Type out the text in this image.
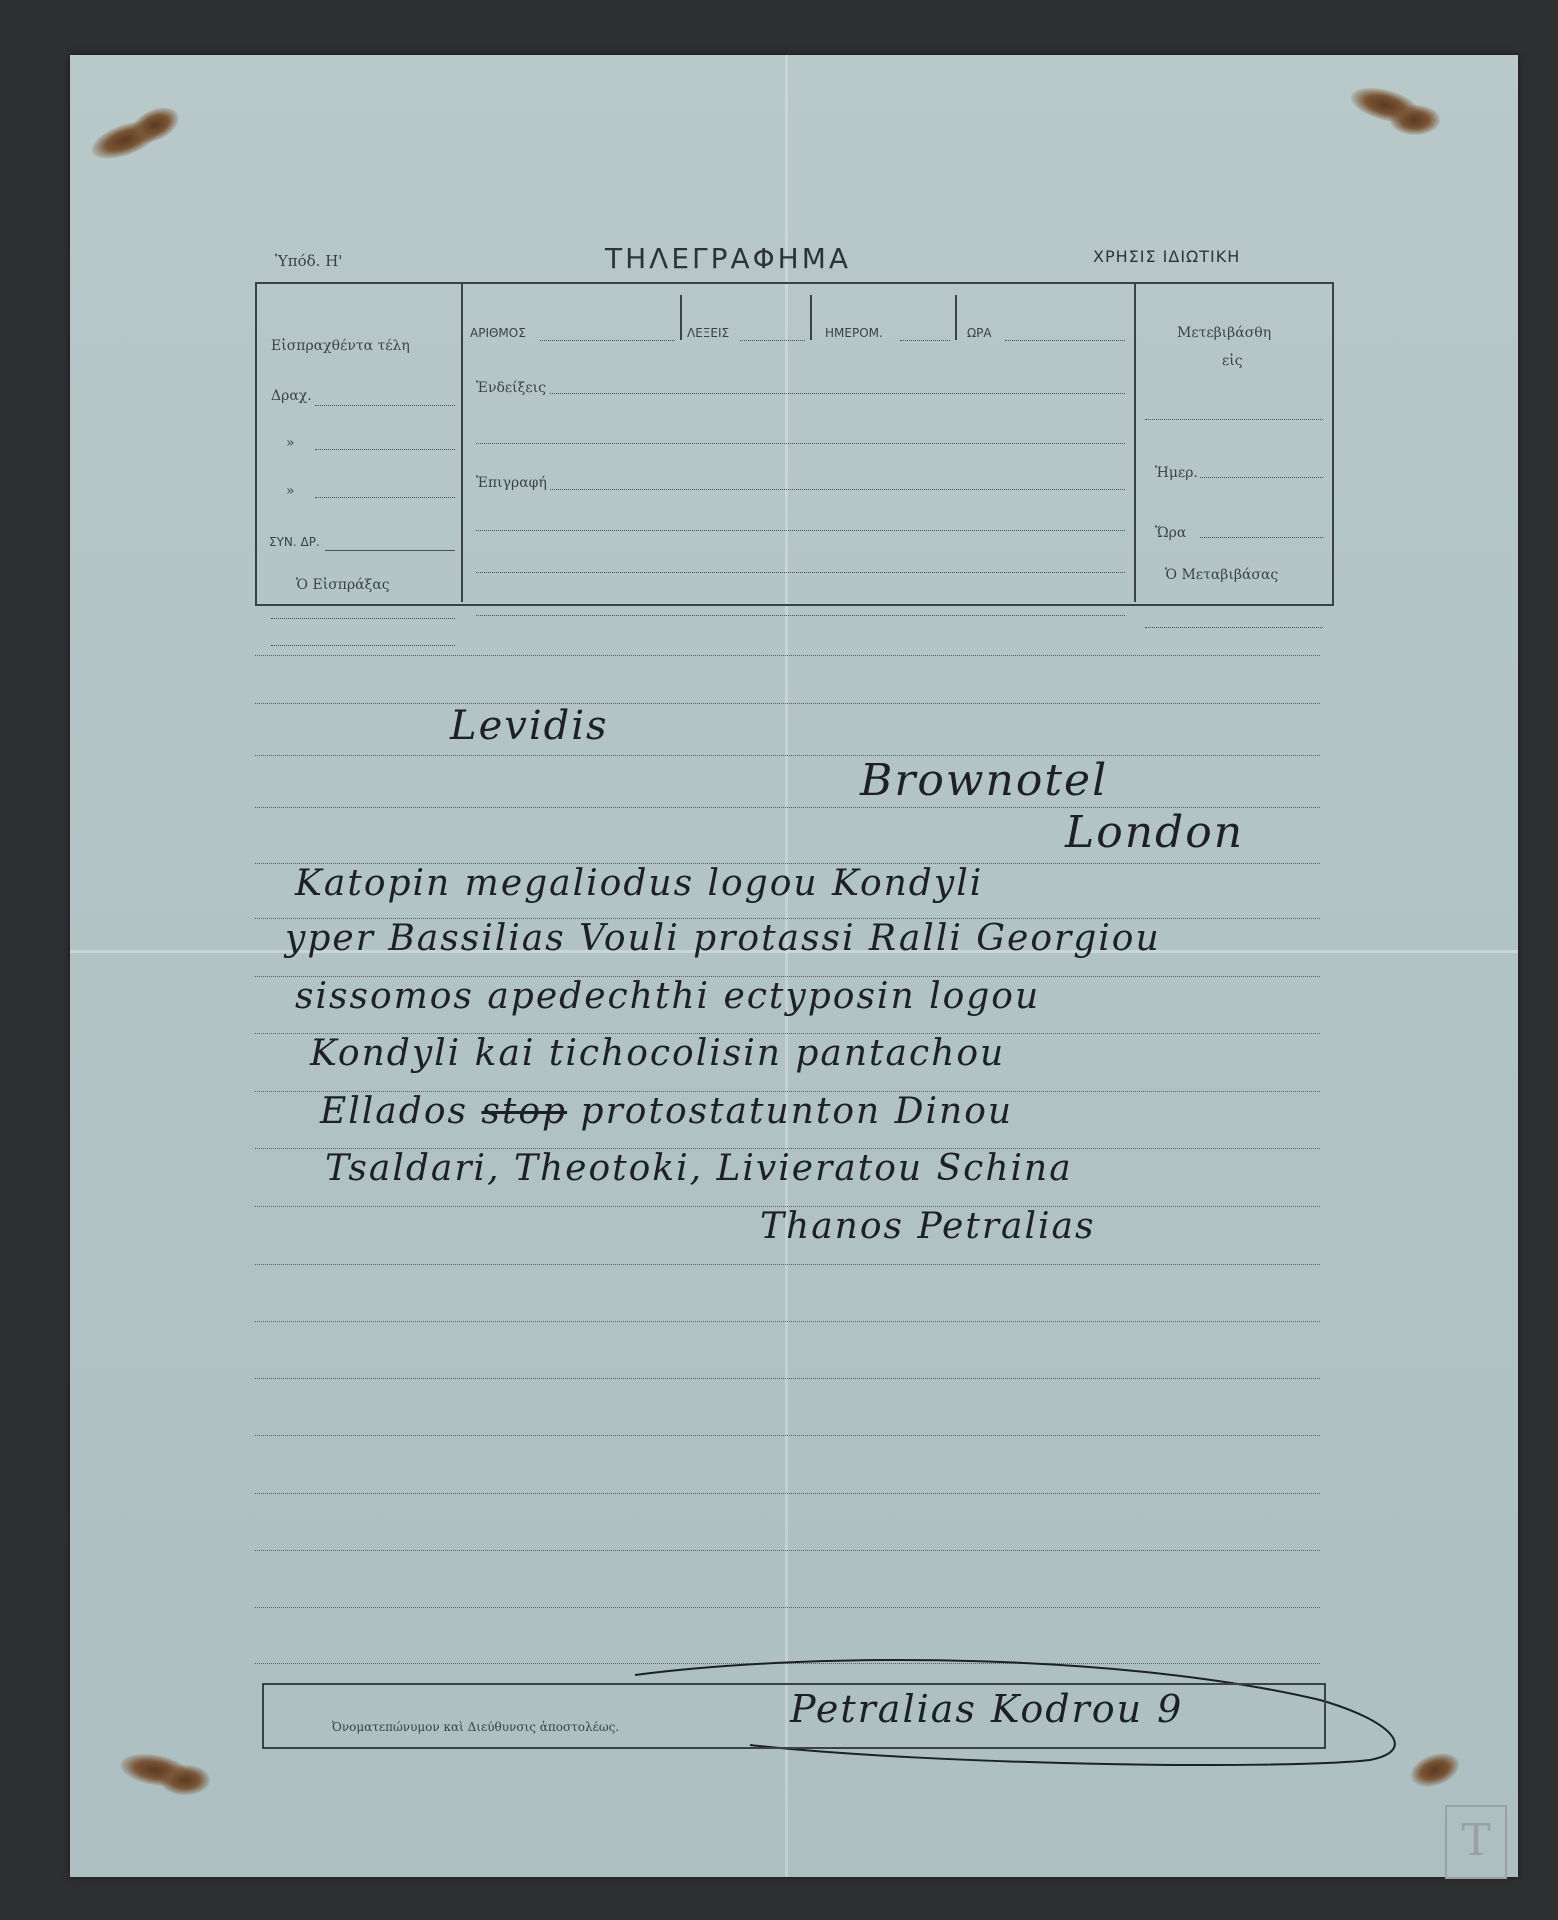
Ὑπόδ. Η'	ΤΗΛΕΓΡΑΦΗΜΑ	ΧΡΗΣΙΣ ΙΔΙΩΤΙΚΗ
Εἰσπραχθέντα τέλη
Δραχ.
»
»
ΣΥΝ. ΔΡ.
Ὁ Εἰσπράξας
ΑΡΙΘΜΟΣ	ΛΕΞΕΙΣ	ΗΜΕΡΟΜ.	ΩΡΑ
Ἐνδείξεις
Ἐπιγραφή
Μετεβιβάσθη
εἰς
Ἡμερ.
Ὥρα
Ὁ Μεταβιβάσας
Levidis
Brownotel
London
Katopin megaliodus logou Kondyli
yper Bassilias Vouli protassi Ralli Georgiou
sissomos apedechthi ectyposin logou
Kondyli kai tichocolisin pantachou
Ellados stop protostatunton Dinou
Tsaldari, Theotoki, Livieratou Schina
Thanos Petralias
Ὀνοματεπώνυμον καὶ Διεύθυνσις ἀποστολέως.	Petralias Kodrou 9
T
